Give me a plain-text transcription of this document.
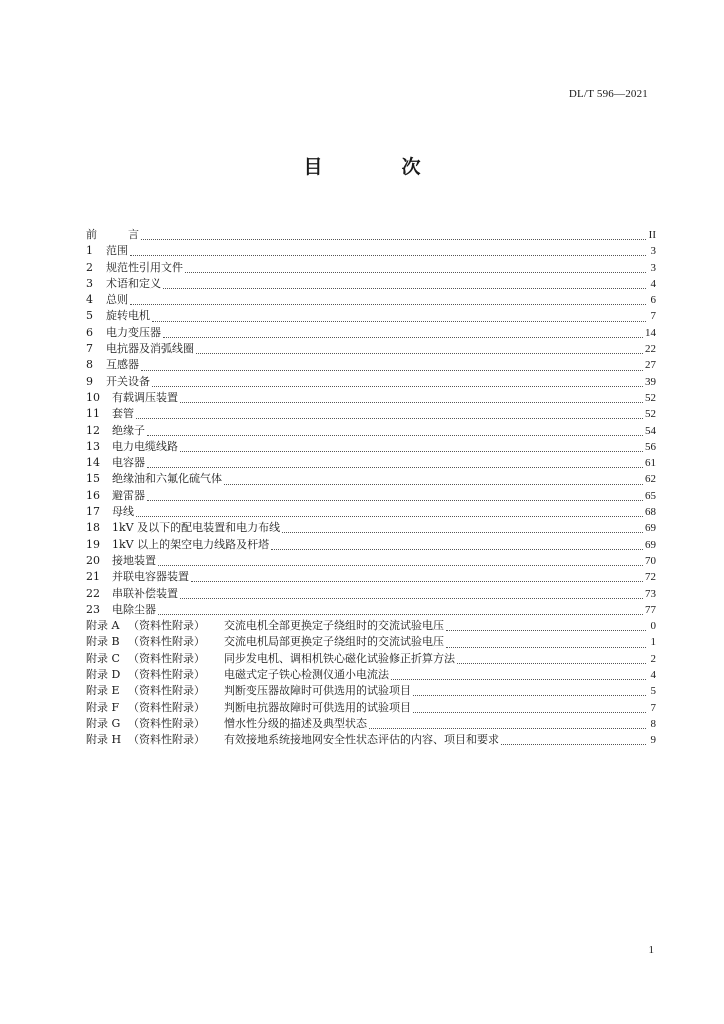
DL/T 596—2021
目　次
前	言	II
1	范围	3
2	规范性引用文件	3
3	术语和定义	4
4	总则	6
5	旋转电机	7
6	电力变压器	14
7	电抗器及消弧线圈	22
8	互感器	27
9	开关设备	39
10	有载调压装置	52
11	套管	52
12	绝缘子	54
13	电力电缆线路	56
14	电容器	61
15	绝缘油和六氟化硫气体	62
16	避雷器	65
17	母线	68
18	1kV 及以下的配电装置和电力布线	69
19	1kV 以上的架空电力线路及杆塔	69
20	接地装置	70
21	并联电容器装置	72
22	串联补偿装置	73
23	电除尘器	77
附录 A （资料性附录）	交流电机全部更换定子绕组时的交流试验电压	0
附录 B （资料性附录）	交流电机局部更换定子绕组时的交流试验电压	1
附录 C （资料性附录）	同步发电机、调相机铁心磁化试验修正折算方法	2
附录 D （资料性附录）	电磁式定子铁心检测仪通小电流法	4
附录 E （资料性附录）	判断变压器故障时可供选用的试验项目	5
附录 F （资料性附录）	判断电抗器故障时可供选用的试验项目	7
附录 G （资料性附录）	憎水性分级的描述及典型状态	8
附录 H （资料性附录）	有效接地系统接地网安全性状态评估的内容、项目和要求	9
1
